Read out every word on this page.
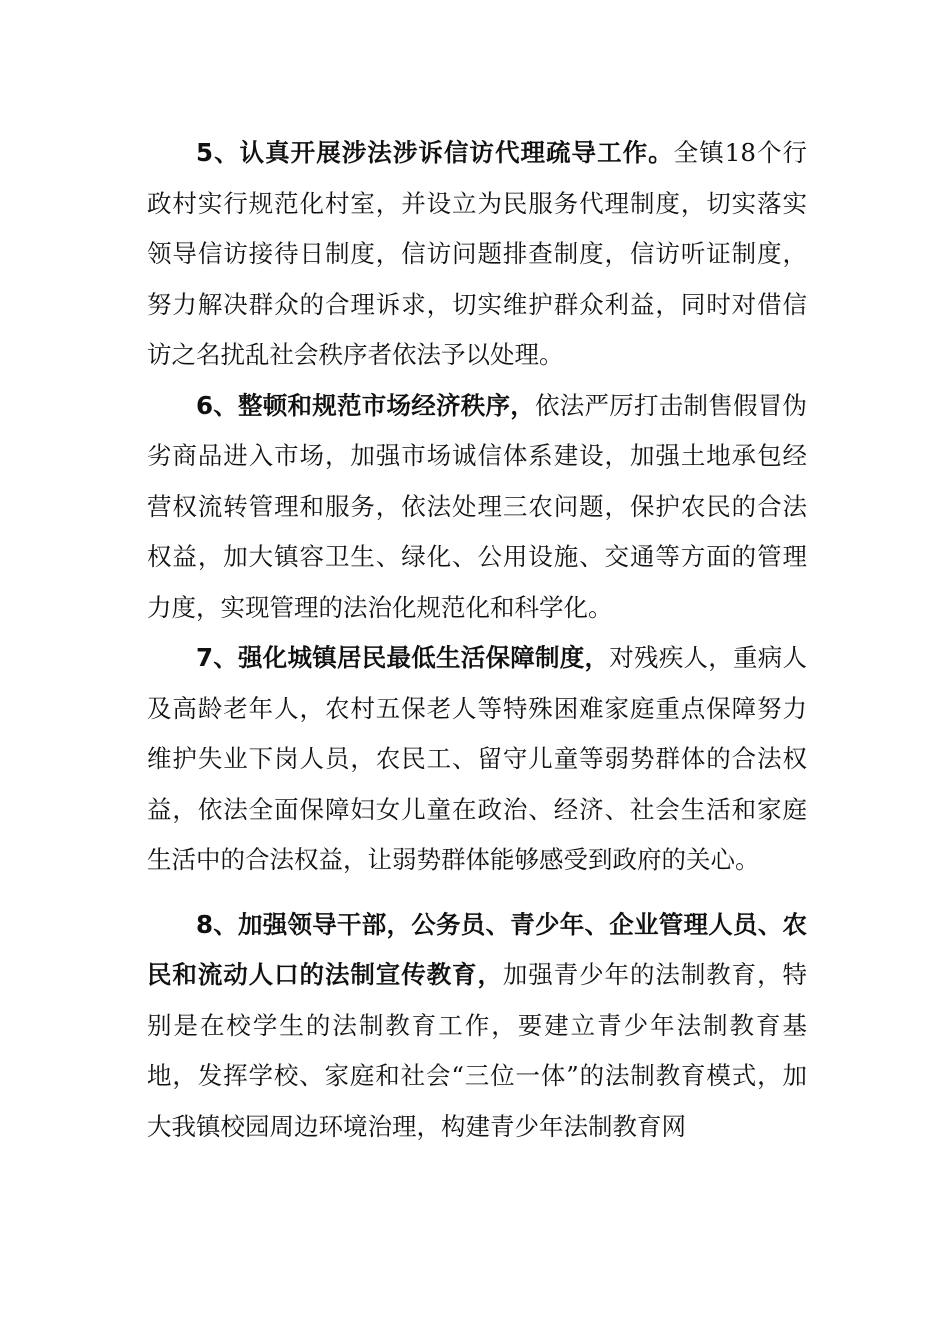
5、认真开展涉法涉诉信访代理疏导工作。全镇18个行政村实行规范化村室，并设立为民服务代理制度，切实落实领导信访接待日制度，信访问题排查制度，信访听证制度，努力解决群众的合理诉求，切实维护群众利益，同时对借信访之名扰乱社会秩序者依法予以处理。

6、整顿和规范市场经济秩序，依法严厉打击制售假冒伪劣商品进入市场，加强市场诚信体系建设，加强土地承包经营权流转管理和服务，依法处理三农问题，保护农民的合法权益，加大镇容卫生、绿化、公用设施、交通等方面的管理力度，实现管理的法治化规范化和科学化。

7、强化城镇居民最低生活保障制度，对残疾人，重病人及高龄老年人，农村五保老人等特殊困难家庭重点保障努力维护失业下岗人员，农民工、留守儿童等弱势群体的合法权益，依法全面保障妇女儿童在政治、经济、社会生活和家庭生活中的合法权益，让弱势群体能够感受到政府的关心。

8、加强领导干部，公务员、青少年、企业管理人员、农民和流动人口的法制宣传教育，加强青少年的法制教育，特别是在校学生的法制教育工作，要建立青少年法制教育基地，发挥学校、家庭和社会“三位一体”的法制教育模式，加大我镇校园周边环境治理，构建青少年法制教育网
